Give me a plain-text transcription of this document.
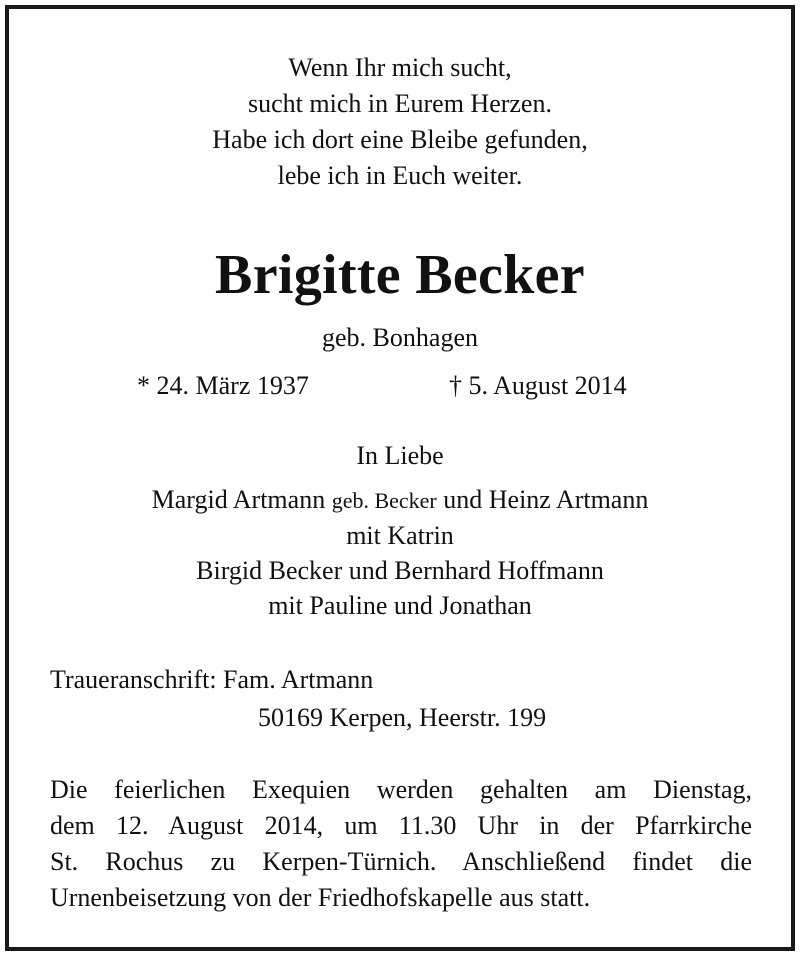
Wenn Ihr mich sucht,
sucht mich in Eurem Herzen.
Habe ich dort eine Bleibe gefunden,
lebe ich in Euch weiter.
Brigitte Becker
geb. Bonhagen
* 24. März 1937	† 5. August 2014
In Liebe
Margid Artmann geb. Becker und Heinz Artmann
mit Katrin
Birgid Becker und Bernhard Hoffmann
mit Pauline und Jonathan
Traueranschrift: Fam. Artmann
50169 Kerpen, Heerstr. 199
Die feierlichen Exequien werden gehalten am Dienstag,
dem 12. August 2014, um 11.30 Uhr in der Pfarrkirche
St. Rochus zu Kerpen-Türnich. Anschließend findet die
Urnenbeisetzung von der Friedhofskapelle aus statt.
